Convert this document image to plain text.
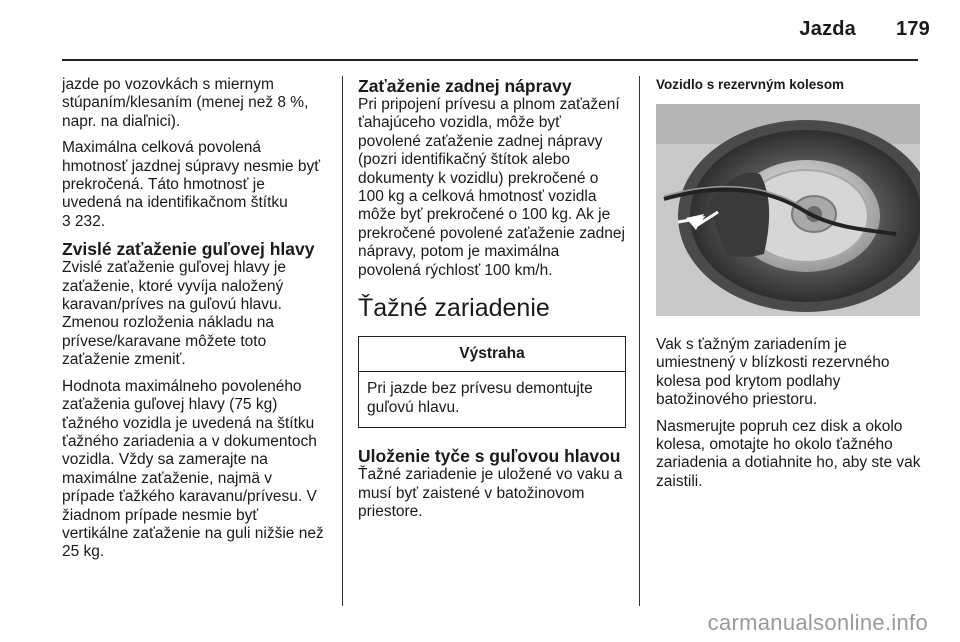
Jazda 179

jazde po vozovkách s miernym stúpaním/klesaním (menej než 8 %, napr. na diaľnici).

Maximálna celková povolená hmotnosť jazdnej súpravy nesmie byť prekročená. Táto hmotnosť je uvedená na identifikačnom štítku
3 232.

Zvislé zaťaženie guľovej hlavy

Zvislé zaťaženie guľovej hlavy je zaťaženie, ktoré vyvíja naložený karavan/príves na guľovú hlavu. Zmenou rozloženia nákladu na prívese/karavane môžete toto zaťaženie zmeniť.

Hodnota maximálneho povoleného zaťaženia guľovej hlavy (75 kg) ťažného vozidla je uvedená na štítku ťažného zariadenia a v dokumentoch vozidla. Vždy sa zamerajte na maximálne zaťaženie, najmä v prípade ťažkého karavanu/prívesu. V žiadnom prípade nesmie byť vertikálne zaťaženie na guli nižšie než 25 kg.

Zaťaženie zadnej nápravy

Pri pripojení prívesu a plnom zaťažení ťahajúceho vozidla, môže byť povolené zaťaženie zadnej nápravy (pozri identifikačný štítok alebo dokumenty k vozidlu) prekročené o 100 kg a celková hmotnosť vozidla môže byť prekročené o 100 kg. Ak je prekročené povolené zaťaženie zadnej nápravy, potom je maximálna povolená rýchlosť 100 km/h.

Ťažné zariadenie
Výstraha
Pri jazde bez prívesu demontujte guľovú hlavu.
Uloženie tyče s guľovou hlavou

Ťažné zariadenie je uložené vo vaku a musí byť zaistené v batožinovom priestore.

Vozidlo s rezervným kolesom

Vak s ťažným zariadením je umiestnený v blízkosti rezervného kolesa pod krytom podlahy batožinového priestoru.

Nasmerujte popruh cez disk a okolo kolesa, omotajte ho okolo ťažného zariadenia a dotiahnite ho, aby ste vak zaistili.

carmanualsonline.info
